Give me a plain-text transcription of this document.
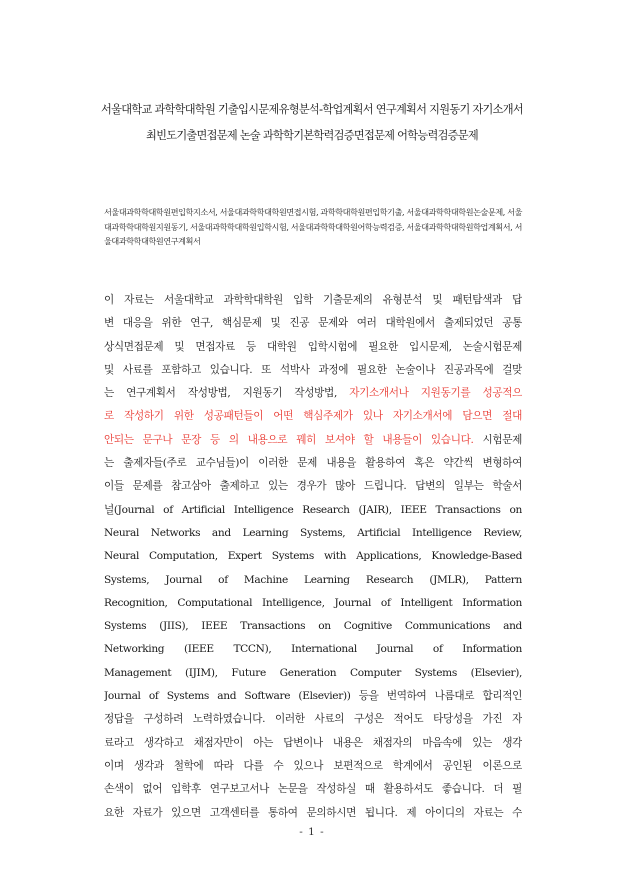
서울대학교 과학학대학원 기출입시문제유형분석-학업계획서 연구계획서 지원동기 자기소개서
최빈도기출면접문제 논술 과학학기본학력검증면접문제 어학능력검증문제
서울대과학학대학원편입학지소서, 서울대과학학대학원면접시험, 과학학대학원편입학기출, 서울대과학학대학원논술문제, 서울대과학학대학원지원동기, 서울대과학학대학원입학시험, 서울대과학학대학원어학능력검증, 서울대과학학대학원학업계획서, 서울대과학학대학원연구계획서
이 자료는 서울대학교 과학학대학원 입학 기출문제의 유형분석 및 패턴탐색과 답
변 대응을 위한 연구, 핵심문제 및 진공 문제와 여러 대학원에서 출제되었던 공통
상식면접문제 및 면접자료 등 대학원 입학시험에 필요한 입시문제, 논술시험문제
및 사료를 포함하고 있습니다. 또 석박사 과정에 필요한 논술이나 진공과목에 걸맞
는 연구계획서 작성방법, 지원동기 작성방법, 자기소개서나 지원동기를 성공적으
로 작성하기 위한 성공패턴들이 어떤 핵심주제가 있나 자기소개서에 담으면 절대
안되는 문구나 문장 등 의 내용으로 꿰히 보셔야 할 내용들이 있습니다. 시험문제
는 출제자들(주로 교수님들)이 이러한 문제 내용을 활용하여 혹은 약간씩 변형하여
이들 문제를 참고삼아 출제하고 있는 경우가 많아 드립니다. 답변의 일부는 학술서
널(Journal of Artificial Intelligence Research (JAIR), IEEE Transactions on
Neural Networks and Learning Systems, Artificial Intelligence Review,
Neural Computation, Expert Systems with Applications, Knowledge-Based
Systems, Journal of Machine Learning Research (JMLR), Pattern
Recognition, Computational Intelligence, Journal of Intelligent Information
Systems (JIIS), IEEE Transactions on Cognitive Communications and
Networking (IEEE TCCN), International Journal of Information
Management (IJIM), Future Generation Computer Systems (Elsevier),
Journal of Systems and Software (Elsevier)) 등을 번역하여 나름대로 합리적인
정답을 구성하려 노력하였습니다. 이러한 사료의 구성은 적어도 타당성을 가진 자
료라고 생각하고 채점자만이 아는 답변이나 내용은 채점자의 마음속에 있는 생각
이며 생각과 철학에 따라 다를 수 있으나 보편적으로 학계에서 공인된 이론으로
손색이 없어 입학후 연구보고서나 논문을 작성하실 때 활용하셔도 좋습니다. 더 필
요한 자료가 있으면 고객센터를 통하여 문의하시면 됩니다. 제 아이디의 자료는 수
- 1 -
